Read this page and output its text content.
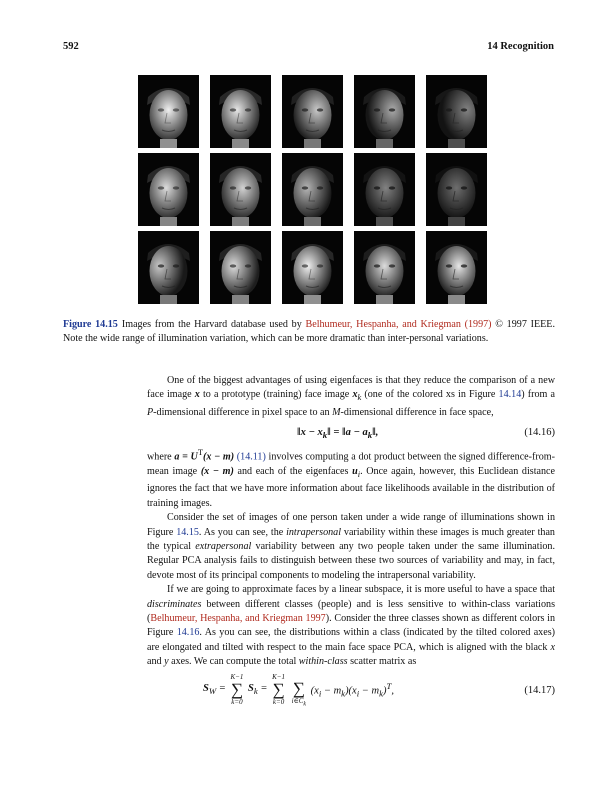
592	14 Recognition
Figure 14.15 Images from the Harvard database used by Belhumeur, Hespanha, and Kriegman (1997) © 1997 IEEE. Note the wide range of illumination variation, which can be more dramatic than inter-personal variations.

One of the biggest advantages of using eigenfaces is that they reduce the comparison of a new face image x to a prototype (training) face image $x_k$ (one of the colored xs in Figure 14.14) from a P-dimensional difference in pixel space to an M-dimensional difference in face space,

‖x − $x_k‖$ = ‖a − $a_k‖$,	(14.16)

where $a = U^T(x - m)$ (14.11) involves computing a dot product between the signed difference-from-mean image (x − m) and each of the eigenfaces $u_i$. Once again, however, this Euclidean distance ignores the fact that we have more information about face likelihoods available in the distribution of training images.

Consider the set of images of one person taken under a wide range of illuminations shown in Figure 14.15. As you can see, the intrapersonal variability within these images is much greater than the typical extrapersonal variability between any two people taken under the same illumination. Regular PCA analysis fails to distinguish between these two sources of variability and may, in fact, devote most of its principal components to modeling the intrapersonal variability.

If we are going to approximate faces by a linear subspace, it is more useful to have a space that discriminates between different classes (people) and is less sensitive to within-class variations (Belhumeur, Hespanha, and Kriegman 1997). Consider the three classes shown as different colors in Figure 14.16. As you can see, the distributions within a class (indicated by the tilted colored axes) are elongated and tilted with respect to the main face space PCA, which is aligned with the black x and y axes. We can compute the total within-class scatter matrix as

$S_W$ =
K−1
∑
k=0
$S_k$ =
K−1
∑
k=0

∑
$i\in C_k$
$(x_i - m_k)(x_i - m_k)^T$,	(14.17)
